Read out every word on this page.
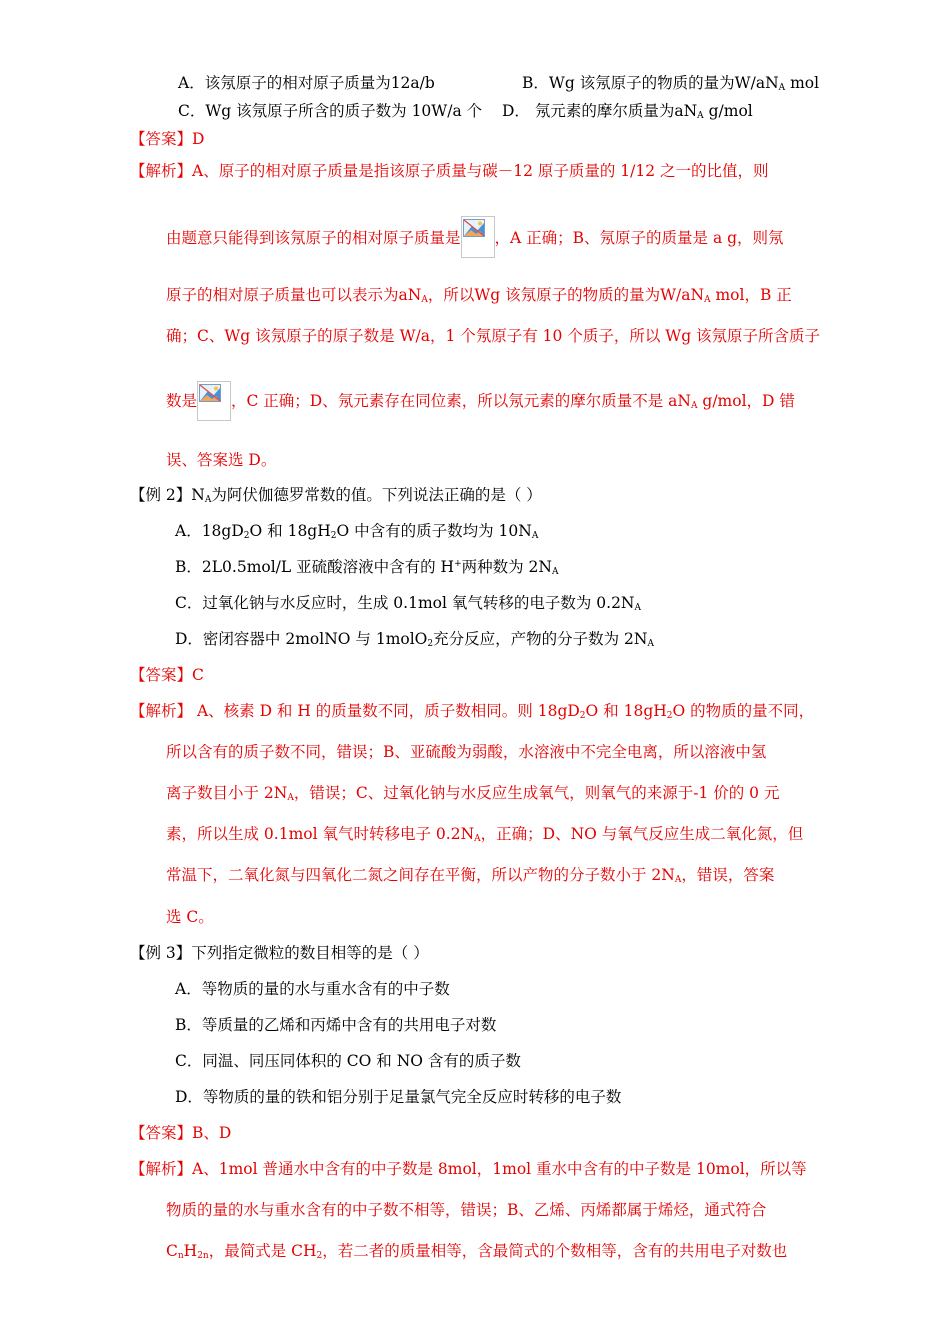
A．该氖原子的相对原子质量为12a/b	B．Wg 该氖原子的物质的量为$W/aN_A$ mol
C．Wg 该氖原子所含的质子数为 10W/a 个 D． 氖元素的摩尔质量为$aN_A$ g/mol
【答案】D
【解析】A、原子的相对原子质量是指该原子质量与碳－12 原子质量的 1/12 之一的比值，则
由题意只能得到该氖原子的相对原子质量是 ，A 正确；B、氖原子的质量是 a g，则氖
原子的相对原子质量也可以表示为$aN_A$，所以Wg 该氖原子的物质的量为$W/aN_A$ mol，B 正
确；C、Wg 该氖原子的原子数是 W/a，1 个氖原子有 10 个质子，所以 Wg 该氖原子所含质子
数是 ，C 正确；D、氖元素存在同位素，所以氖元素的摩尔质量不是 $aN_A$ g/mol，D 错
误、答案选 D。
【例 2】$N_A$为阿伏伽德罗常数的值。下列说法正确的是（ ）
A．$18gD_2O$ 和 $18gH_2O$ 中含有的质子数均为 $10N_A$
B．2L0.5mol/L 亚硫酸溶液中含有的 H+两种数为 $2N_A$
C．过氧化钠与水反应时，生成 0.1mol 氧气转移的电子数为 $0.2N_A$
D．密闭容器中 2molNO 与 1molO$_2$充分反应，产物的分子数为 $2N_A$
【答案】C
【解析】 A、核素 D 和 H 的质量数不同，质子数相同。则 $18gD_2O$ 和 $18gH_2O$ 的物质的量不同，
所以含有的质子数不同，错误；B、亚硫酸为弱酸，水溶液中不完全电离，所以溶液中氢
离子数目小于 $2N_A$，错误；C、过氧化钠与水反应生成氧气，则氧气的来源于-1 价的 0 元
素，所以生成 0.1mol 氧气时转移电子 $0.2N_A$，正确；D、NO 与氧气反应生成二氧化氮，但
常温下，二氧化氮与四氧化二氮之间存在平衡，所以产物的分子数小于 $2N_A$，错误，答案
选 C。
【例 3】下列指定微粒的数目相等的是（ ）
A．等物质的量的水与重水含有的中子数
B．等质量的乙烯和丙烯中含有的共用电子对数
C．同温、同压同体积的 CO 和 NO 含有的质子数
D．等物质的量的铁和铝分别于足量氯气完全反应时转移的电子数
【答案】B、D
【解析】A、1mol 普通水中含有的中子数是 8mol，1mol 重水中含有的中子数是 10mol，所以等
物质的量的水与重水含有的中子数不相等，错误；B、乙烯、丙烯都属于烯烃，通式符合
$C_nH_{2n}$，最简式是 $CH_2$，若二者的质量相等，含最简式的个数相等，含有的共用电子对数也
